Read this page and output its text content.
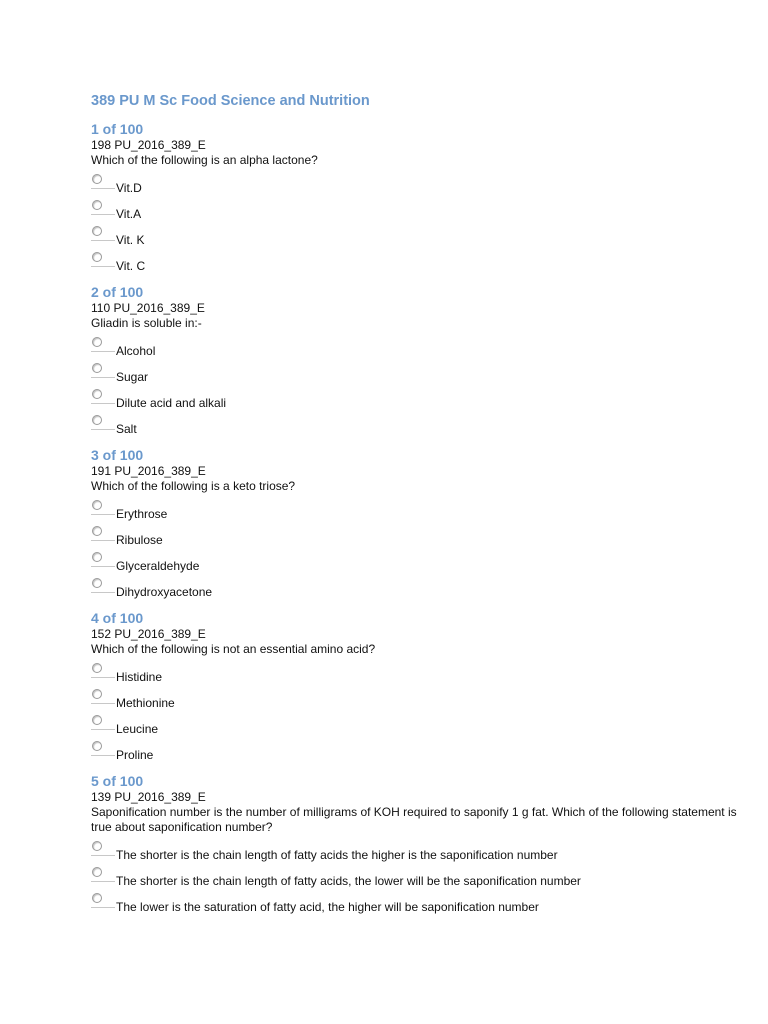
389 PU M Sc Food Science and Nutrition
1 of 100
198 PU_2016_389_E
Which of the following is an alpha lactone?
Vit.D
Vit.A
Vit. K
Vit. C
2 of 100
110 PU_2016_389_E
Gliadin is soluble in:-
Alcohol
Sugar
Dilute acid and alkali
Salt
3 of 100
191 PU_2016_389_E
Which of the following is a keto triose?
Erythrose
Ribulose
Glyceraldehyde
Dihydroxyacetone
4 of 100
152 PU_2016_389_E
Which of the following is not an essential amino acid?
Histidine
Methionine
Leucine
Proline
5 of 100
139 PU_2016_389_E
Saponification number is the number of milligrams of KOH required to saponify 1 g fat. Which of the following statement is true about saponification number?
The shorter is the chain length of fatty acids the higher is the saponification number
The shorter is the chain length of fatty acids, the lower will be the saponification number
The lower is the saturation of fatty acid, the higher will be saponification number
